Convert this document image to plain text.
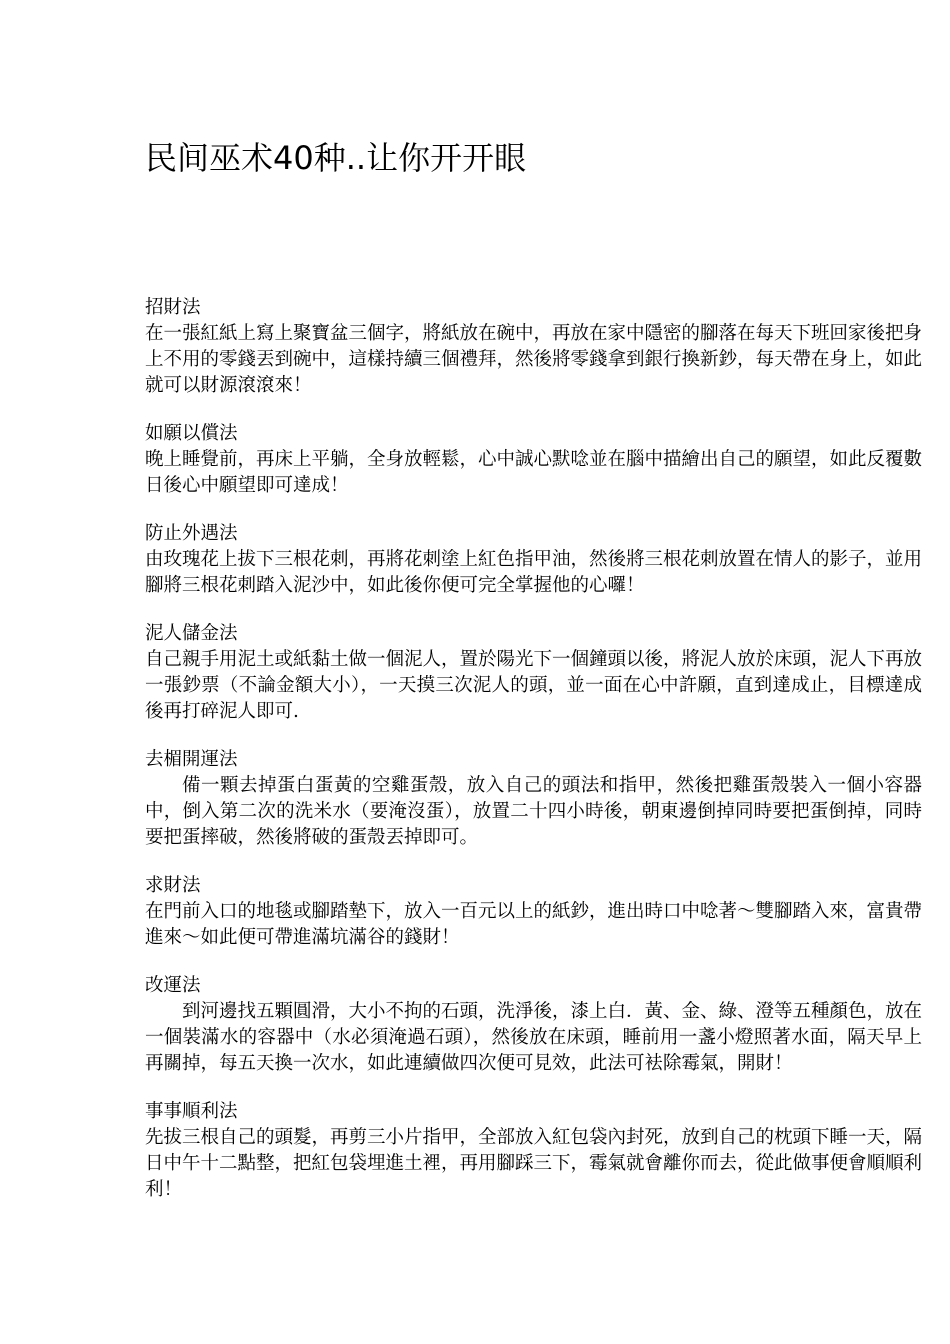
民间巫术40种..让你开开眼
招財法
在一張紅紙上寫上聚寶盆三個字，將紙放在碗中，再放在家中隱密的腳落在每天下班回家後把身上不用的零錢丟到碗中，這樣持續三個禮拜，然後將零錢拿到銀行換新鈔，每天帶在身上，如此就可以財源滾滾來！
如願以償法
晚上睡覺前，再床上平躺，全身放輕鬆，心中誠心默唸並在腦中描繪出自己的願望，如此反覆數日後心中願望即可達成！
防止外遇法
由玫瑰花上拔下三根花刺，再將花刺塗上紅色指甲油，然後將三根花刺放置在情人的影子，並用腳將三根花刺踏入泥沙中，如此後你便可完全掌握他的心囉！
泥人儲金法
自己親手用泥土或紙黏土做一個泥人，置於陽光下一個鐘頭以後，將泥人放於床頭，泥人下再放一張鈔票（不論金額大小），一天摸三次泥人的頭，並一面在心中許願，直到達成止，目標達成後再打碎泥人即可.
去楣開運法
備一顆去掉蛋白蛋黃的空雞蛋殼，放入自己的頭法和指甲，然後把雞蛋殼裝入一個小容器中，倒入第二次的洗米水（要淹沒蛋），放置二十四小時後，朝東邊倒掉同時要把蛋倒掉，同時要把蛋摔破，然後將破的蛋殼丟掉即可。
求財法
在門前入口的地毯或腳踏墊下，放入一百元以上的紙鈔，進出時口中唸著～雙腳踏入來，富貴帶進來～如此便可帶進滿坑滿谷的錢財！
改運法
到河邊找五顆圓滑，大小不拘的石頭，洗淨後，漆上白．黃、金、綠、澄等五種顏色，放在一個裝滿水的容器中（水必須淹過石頭），然後放在床頭，睡前用一盞小燈照著水面，隔天早上再關掉，每五天換一次水，如此連續做四次便可見效，此法可袪除霉氣，開財！
事事順利法
先拔三根自己的頭髮，再剪三小片指甲，全部放入紅包袋內封死，放到自己的枕頭下睡一天，隔日中午十二點整，把紅包袋埋進土裡，再用腳踩三下，霉氣就會離你而去，從此做事便會順順利利！
